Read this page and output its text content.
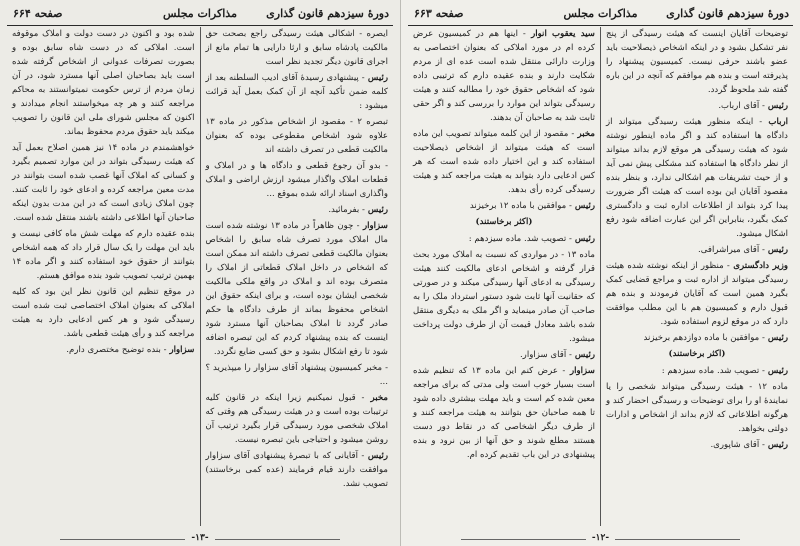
دورهٔ سیزدهم قانون گذاری
مذاکرات مجلس
صفحه ۶۶۴

ایصره - اشکالی هیئت رسیدگی راجع بصحت حق مالکیت پادشاه سابق و ارثا دارایی ها تمام مانع از اجرای قانون دیگر تجدید نظر است

رئیس - پیشنهادی رسیدهٔ آقای ادیب السلطنه بعد از کلمه ضمن تأکید آنچه از آن کمک بعمل آید قرائت میشود :

تبصره ۲ - مقصود از اشخاص مذکور در ماده ۱۳ علاوه شود اشخاص مقطوعی بوده که بعنوان مالکیت قطعی در تصرف داشته اند

- بدو آن رجوع قطعی و دادگاه ها و در املاک و قطعات املاک واگذار میشود ارزش اراضی و املاک واگذاری اسناد ارائه شده بموقع ...

رئیس - بفرمائید.

سزاوار - چون ظاهراً در ماده ۱۳ نوشته شده است مال املاک مورد تصرف شاه سابق را اشخاص بعنوان مالکیت قطعی تصرف داشته اند ممکن است که اشخاص در داخل املاک قطعاتی از املاک را متصرف بوده اند و املاک در واقع ملکی مالکیت شخصی ایشان بوده است، و برای اینکه حقوق این اشخاص محفوظ بماند از طرف دادگاه ها حکم صادر گردد تا املاک بصاحبان آنها مسترد شود اینست که بنده پیشنهاد کردم که این تبصره اضافه شود تا رفع اشکال بشود و حق کسی ضایع نگردد.

- مخبر کمیسیون پیشنهاد آقای سزاوار را میپذیرید ؟ ...

مخبر - قبول نمیکنیم زیرا اینکه در قانون کلیه ترتیبات بوده است و در هیئت رسیدگی هم وقتی که املاک شخصی مورد رسیدگی قرار بگیرد ترتیب آن روشن میشود و احتیاجی باین تبصره نیست.

رئیس - آقایانی که با تبصرهٔ پیشنهادی آقای سزاوار موافقت دارند قیام فرمایند (عده کمی برخاستند) تصویب نشد.

شده بود و اکنون در دست دولت و املاک موقوفه است. املاکی که در دست شاه سابق بوده و بصورت تصرفات عدوانی از اشخاص گرفته شده است باید بصاحبان اصلی آنها مسترد شود، در آن زمان مردم از ترس حکومت نمیتوانستند به محاکم مراجعه کنند و هر چه میخواستند انجام میدادند و اکنون که مجلس شورای ملی این قانون را تصویب میکند باید حقوق مردم محفوظ بماند.

خواهشمندم در ماده ۱۴ نیز همین اصلاح بعمل آید که هیئت رسیدگی بتواند در این موارد تصمیم بگیرد و کسانی که املاک آنها غصب شده است بتوانند در مدت معین مراجعه کرده و ادعای خود را ثابت کنند. چون املاک زیادی است که در این مدت بدون اینکه صاحبان آنها اطلاعی داشته باشند منتقل شده است.

بنده عقیده دارم که مهلت شش ماه کافی نیست و باید این مهلت را یک سال قرار داد که همه اشخاص بتوانند از حقوق خود استفاده کنند و اگر ماده ۱۴ بهمین ترتیب تصویب شود بنده موافق هستم.

در موقع تنظیم این قانون نظر این بود که کلیه املاکی که بعنوان املاک اختصاصی ثبت شده است رسیدگی شود و هر کس ادعایی دارد به هیئت مراجعه کند و رأی هیئت قطعی باشد.

سزاوار - بنده توضیح مختصری دارم.

-۱۳-
دورهٔ سیزدهم قانون گذاری
مذاکرات مجلس
صفحه ۶۶۳

توضیحات آقایان اینست که هیئت رسیدگی از پنج نفر تشکیل بشود و در اینکه اشخاص ذیصلاحیت باید عضو باشند حرفی نیست. کمیسیون پیشنهاد را پذیرفته است و بنده هم موافقم که آنچه در این باره گفته شد ملحوظ گردد.

رئیس - آقای ارباب.

ارباب - اینکه منظور هیئت رسیدگی میتواند از دادگاه ها استفاده کند و اگر ماده اینطور نوشته شود که هیئت رسیدگی هر موقع لازم بداند میتواند از نظر دادگاه ها استفاده کند مشکلی پیش نمی آید و از حیث تشریفات هم اشکالی ندارد، و بنظر بنده مقصود آقایان این بوده است که هیئت اگر ضرورت پیدا کرد بتواند از اطلاعات اداره ثبت و دادگستری کمک بگیرد، بنابراین اگر این عبارت اضافه شود رفع اشکال میشود.

رئیس - آقای میراشرافی.

وزیر دادگستری - منظور از اینکه نوشته شده هیئت رسیدگی میتواند از اداره ثبت و مراجع قضایی کمک بگیرد همین است که آقایان فرمودند و بنده هم قبول دارم و کمیسیون هم با این مطلب موافقت دارد که در موقع لزوم استفاده شود.

رئیس - موافقین با ماده دوازدهم برخیزند

(اکثر برخاستند)

رئیس - تصویب شد. ماده سیزدهم :

ماده ۱۲ - هیئت رسیدگی میتواند شخصی را یا نمایندهٔ او را برای توضیحات و رسیدگی احضار کند و هرگونه اطلاعاتی که لازم بداند از اشخاص و ادارات دولتی بخواهد.

رئیس - آقای شاپوری.

سید یعقوب انوار - اینها هم در کمیسیون عرض کرده ام در مورد املاکی که بعنوان اختصاصی به وزارت دارائی منتقل شده است عده ای از مردم شکایت دارند و بنده عقیده دارم که ترتیبی داده شود که اشخاص حقوق خود را مطالبه کنند و هیئت رسیدگی بتواند این موارد را بررسی کند و اگر حقی ثابت شد به صاحبان آن بدهند.

مخبر - مقصود از این کلمه میتواند تصویب این ماده است که هیئت میتواند از اشخاص ذیصلاحیت استفاده کند و این اختیار داده شده است که هر کس ادعایی دارد بتواند به هیئت مراجعه کند و هیئت رسیدگی کرده رأی بدهد.

رئیس - موافقین با ماده ۱۲ برخیزند

(اکثر برخاستند)

رئیس - تصویب شد. ماده سیزدهم :

ماده ۱۳ - در مواردی که نسبت به املاک مورد بحث قرار گرفته و اشخاص ادعای مالکیت کنند هیئت رسیدگی به ادعای آنها رسیدگی میکند و در صورتی که حقانیت آنها ثابت شود دستور استرداد ملک را به صاحب آن صادر مینماید و اگر ملک به دیگری منتقل شده باشد معادل قیمت آن از طرف دولت پرداخت میشود.

رئیس - آقای سزاوار.

سزاوار - عرض کنم این ماده ۱۳ که تنظیم شده است بسیار خوب است ولی مدتی که برای مراجعه معین شده کم است و باید مهلت بیشتری داده شود تا همه صاحبان حق بتوانند به هیئت مراجعه کنند و از طرف دیگر اشخاصی که در نقاط دور دست هستند مطلع شوند و حق آنها از بین نرود و بنده پیشنهادی در این باب تقدیم کرده ام.

-۱۲-
